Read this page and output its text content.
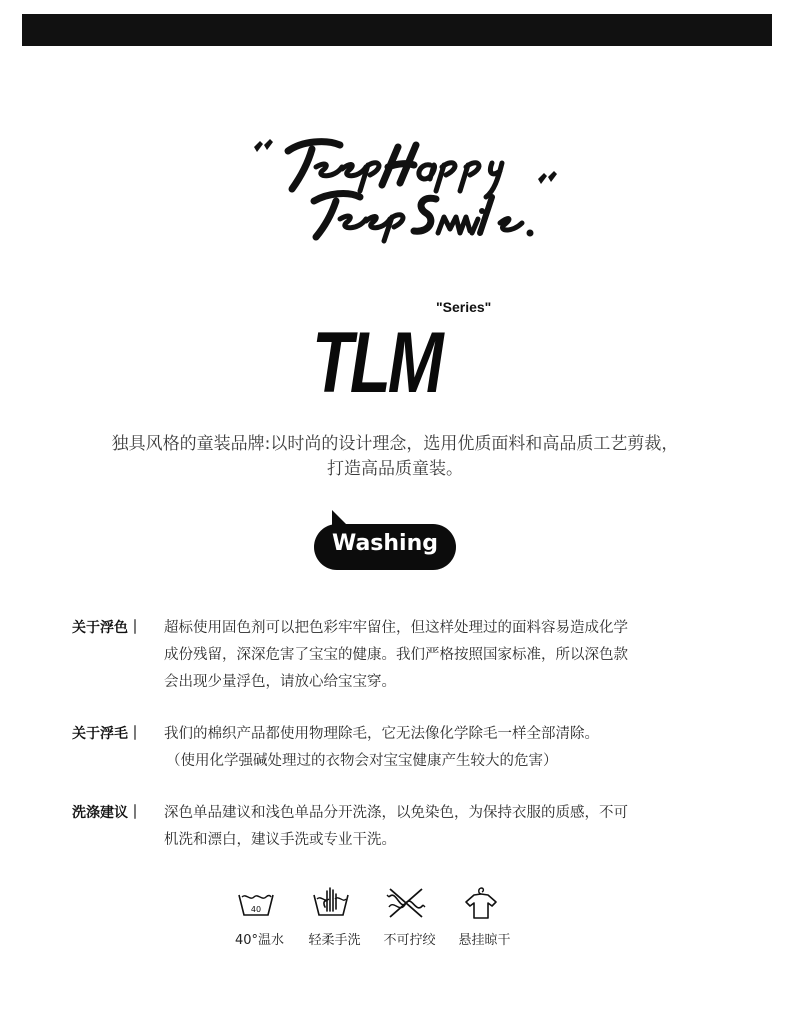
"Series"
TLM
独具风格的童装品牌:以时尚的设计理念，选用优质面料和高品质工艺剪裁，
打造高品质童装。
Washing
关于浮色｜	超标使用固色剂可以把色彩牢牢留住，但这样处理过的面料容易造成化学
成份残留，深深危害了宝宝的健康。我们严格按照国家标准，所以深色款
会出现少量浮色，请放心给宝宝穿。
关于浮毛｜	我们的棉织产品都使用物理除毛，它无法像化学除毛一样全部清除。
（使用化学强碱处理过的衣物会对宝宝健康产生较大的危害）
洗涤建议｜	深色单品建议和浅色单品分开洗涤，以免染色，为保持衣服的质感，不可
机洗和漂白，建议手洗或专业干洗。
40
40°温水	轻柔手洗	不可拧绞	悬挂晾干
